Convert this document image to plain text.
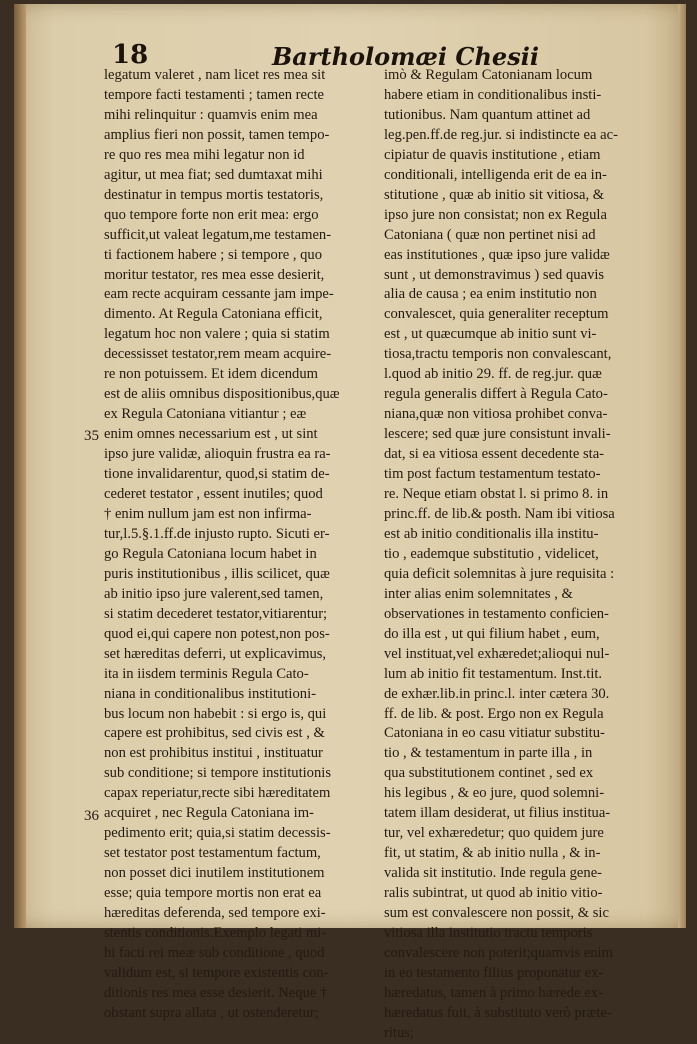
18	Bartholomæi Chesii
35
36
legatum valeret , nam licet res mea sit
tempore facti testamenti ; tamen recte
mihi relinquitur : quamvis enim mea
amplius fieri non possit, tamen tempo-
re quo res mea mihi legatur non id
agitur, ut mea fiat; sed dumtaxat mihi
destinatur in tempus mortis testatoris,
quo tempore forte non erit mea: ergo
sufficit,ut valeat legatum,me testamen-
ti factionem habere ; si tempore , quo
moritur testator, res mea esse desierit,
eam recte acquiram cessante jam impe-
dimento. At Regula Catoniana efficit,
legatum hoc non valere ; quia si statim
decessisset testator,rem meam acquire-
re non potuissem. Et idem dicendum
est de aliis omnibus dispositionibus,quæ
ex Regula Catoniana vitiantur ; eæ
enim omnes necessarium est , ut sint
ipso jure validæ, alioquin frustra ea ra-
tione invalidarentur, quod,si statim de-
cederet testator , essent inutiles; quod
† enim nullum jam est non infirma-
tur,l.5.§.1.ff.de injusto rupto. Sicuti er-
go Regula Catoniana locum habet in
puris institutionibus , illis scilicet, quæ
ab initio ipso jure valerent,sed tamen,
si statim decederet testator,vitiarentur;
quod ei,qui capere non potest,non pos-
set hæreditas deferri, ut explicavimus,
ita in iisdem terminis Regula Cato-
niana in conditionalibus institutioni-
bus locum non habebit : si ergo is, qui
capere est prohibitus, sed civis est , &
non est prohibitus institui , instituatur
sub conditione; si tempore institutionis
capax reperiatur,recte sibi hæreditatem
acquiret , nec Regula Catoniana im-
pedimento erit; quia,si statim decessis-
set testator post testamentum factum,
non posset dici inutilem institutionem
esse; quia tempore mortis non erat ea
hæreditas deferenda, sed tempore exi-
stentis conditionis.Exemplo legati mi-
hi facti rei meæ sub conditione , quod
validum est, si tempore existentis con-
ditionis res mea esse desierit. Neque †
obstant supra allata , ut ostenderetur;
imò & Regulam Catonianam locum
habere etiam in conditionalibus insti-
tutionibus. Nam quantum attinet ad
leg.pen.ff.de reg.jur. si indistincte ea ac-
cipiatur de quavis institutione , etiam
conditionali, intelligenda erit de ea in-
stitutione , quæ ab initio sit vitiosa, &
ipso jure non consistat; non ex Regula
Catoniana ( quæ non pertinet nisi ad
eas institutiones , quæ ipso jure validæ
sunt , ut demonstravimus ) sed quavis
alia de causa ; ea enim institutio non
convalescet, quia generaliter receptum
est , ut quæcumque ab initio sunt vi-
tiosa,tractu temporis non convalescant,
l.quod ab initio 29. ff. de reg.jur. quæ
regula generalis differt à Regula Cato-
niana,quæ non vitiosa prohibet conva-
lescere; sed quæ jure consistunt invali-
dat, si ea vitiosa essent decedente sta-
tim post factum testamentum testato-
re. Neque etiam obstat l. si primo 8. in
princ.ff. de lib.& posth. Nam ibi vitiosa
est ab initio conditionalis illa institu-
tio , eademque substitutio , videlicet,
quia deficit solemnitas à jure requisita :
inter alias enim solemnitates , &
observationes in testamento conficien-
do illa est , ut qui filium habet , eum,
vel instituat,vel exhæredet;alioqui nul-
lum ab initio fit testamentum. Inst.tit.
de exhær.lib.in princ.l. inter cætera 30.
ff. de lib. & post. Ergo non ex Regula
Catoniana in eo casu vitiatur substitu-
tio , & testamentum in parte illa , in
qua substitutionem continet , sed ex
his legibus , & eo jure, quod solemni-
tatem illam desiderat, ut filius institua-
tur, vel exhæredetur; quo quidem jure
fit, ut statim, & ab initio nulla , & in-
valida sit institutio. Inde regula gene-
ralis subintrat, ut quod ab initio vitio-
sum est convalescere non possit, & sic
vitiosa illa institutio tractu temporis
convalescere non poterit;quamvis enim
in eo testamento filius proponatur ex-
hæredatus, tamen à primo hærede ex-
hæredatus fuit, à substituto verò præte-
ritus;
